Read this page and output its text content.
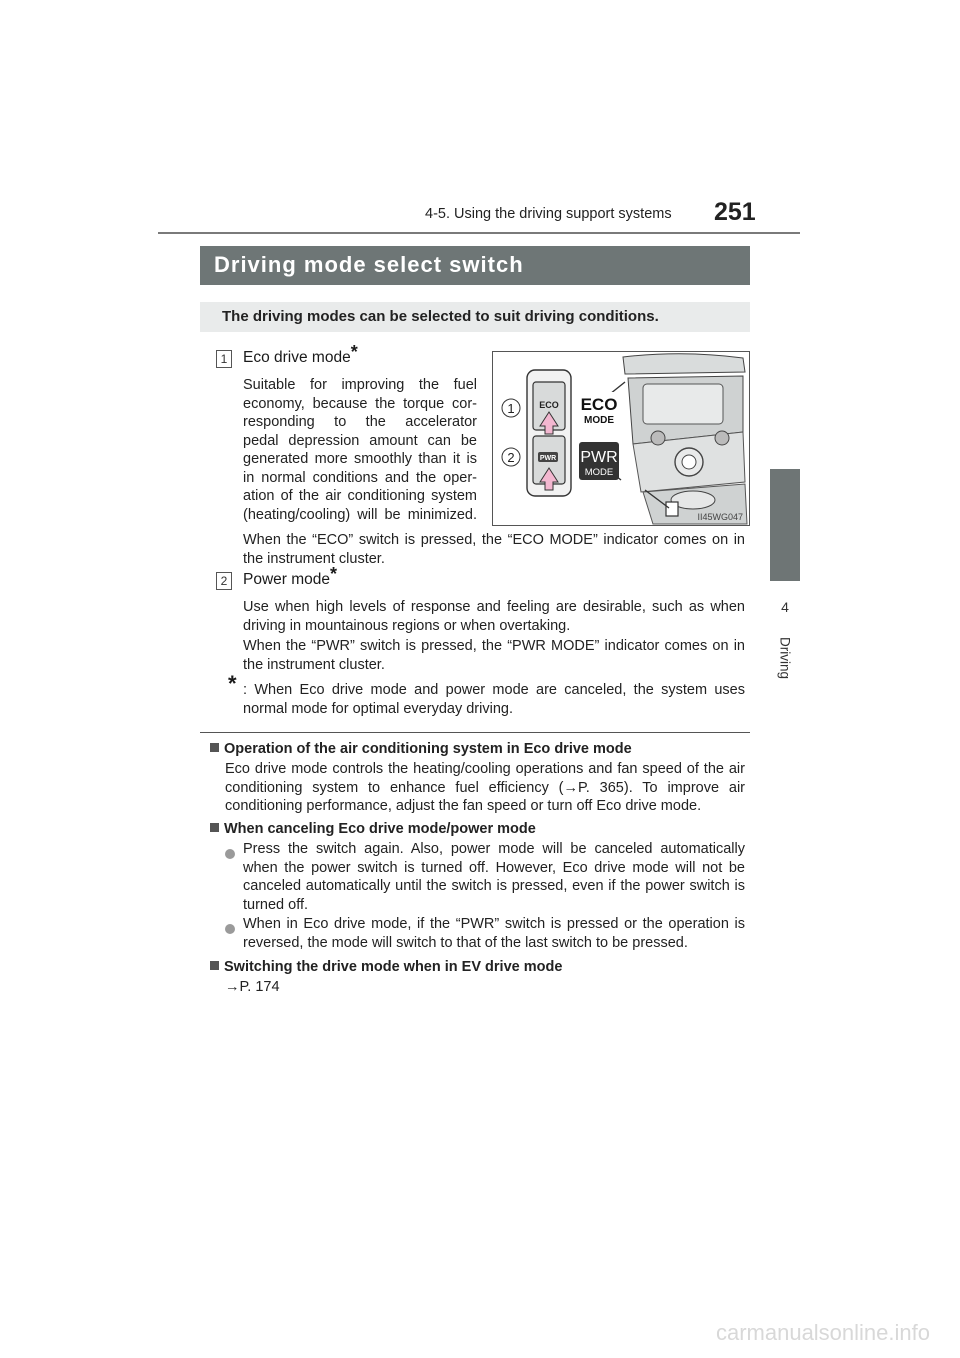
4-5. Using the driving support systems 251
4
Driving
Driving mode select switch
The driving modes can be selected to suit driving conditions.
1	Eco drive mode*
Suitable for improving the fuel
economy, because the torque cor-
responding to the accelerator
pedal depression amount can be
generated more smoothly than it is
in normal conditions and the oper-
ation of the air conditioning system
(heating/cooling) will be minimized.
1
2
ECO
PWR
ECO
MODE
PWR
MODE
II45WG047
When the “ECO” switch is pressed, the “ECO MODE” indicator comes on in the instrument cluster.
2	Power mode*
Use when high levels of response and feeling are desirable, such as when driving in mountainous regions or when overtaking.
When the “PWR” switch is pressed, the “PWR MODE” indicator comes on in the instrument cluster.
* : When Eco drive mode and power mode are canceled, the system uses normal mode for optimal everyday driving.
Operation of the air conditioning system in Eco drive mode
Eco drive mode controls the heating/cooling operations and fan speed of the air conditioning system to enhance fuel efficiency (→P. 365). To improve air conditioning performance, adjust the fan speed or turn off Eco drive mode.
When canceling Eco drive mode/power mode
Press the switch again. Also, power mode will be canceled automatically when the power switch is turned off. However, Eco drive mode will not be canceled automatically until the switch is pressed, even if the power switch is turned off.
When in Eco drive mode, if the “PWR” switch is pressed or the operation is reversed, the mode will switch to that of the last switch to be pressed.
Switching the drive mode when in EV drive mode
→P. 174
carmanualsonline.info
